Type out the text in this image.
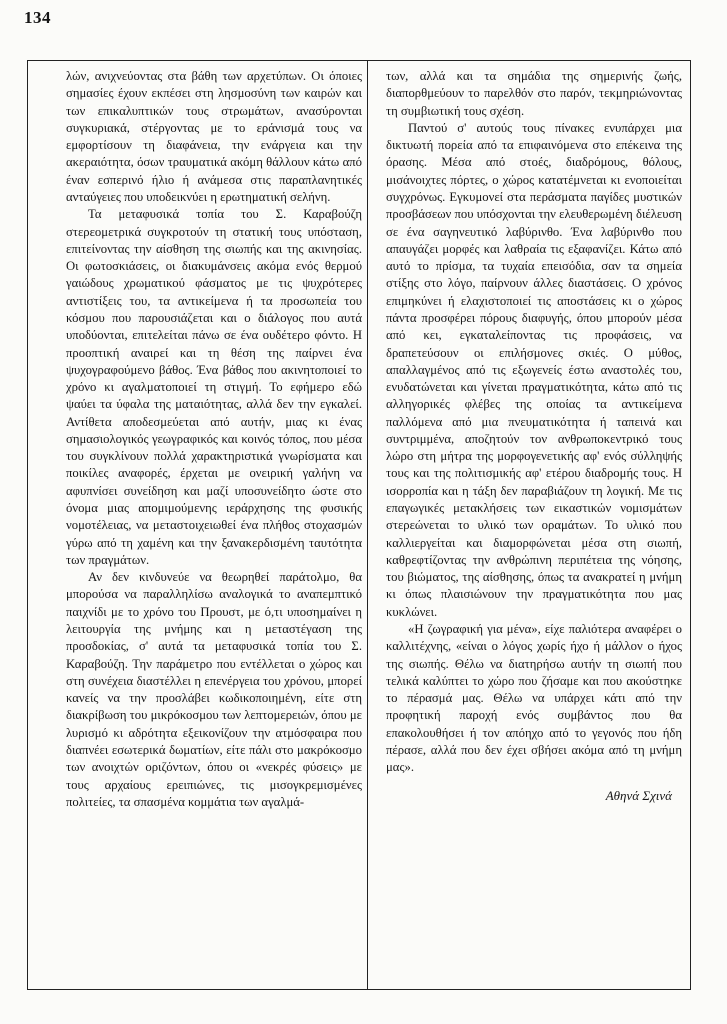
134

λών, ανιχνεύοντας στα βάθη των αρχετύπων. Οι όποιες σημασίες έχουν εκπέσει στη λησμοσύνη των καιρών και των επικαλυπτικών τους στρωμάτων, ανασύρονται συγκυριακά, στέργοντας με το εράνισμά τους να εμφορτίσουν τη διαφάνεια, την ενάργεια και την ακεραιότητα, όσων τραυματικά ακόμη θάλλουν κάτω από έναν εσπερινό ήλιο ή ανάμεσα στις παραπλανητικές ανταύγειες που υποδεικνύει η ερωτηματική σελήνη.

Τα μεταφυσικά τοπία του Σ. Καραβούζη στερεομετρικά συγκροτούν τη στατική τους υπόσταση, επιτείνοντας την αίσθηση της σιωπής και της ακινησίας. Οι φωτοσκιάσεις, οι διακυμάνσεις ακόμα ενός θερμού γαιώδους χρωματικού φάσματος με τις ψυχρότερες αντιστίξεις του, τα αντικείμενα ή τα προσωπεία του κόσμου που παρουσιάζεται και ο διάλογος που αυτά υποδύονται, επιτελείται πάνω σε ένα ουδέτερο φόντο. Η προοπτική αναιρεί και τη θέση της παίρνει ένα ψυχογραφούμενο βάθος. Ένα βάθος που ακινητοποιεί το χρόνο κι αγαλματοποιεί τη στιγμή. Το εφήμερο εδώ ψαύει τα ύφαλα της ματαιότητας, αλλά δεν την εγκαλεί. Αντίθετα αποδεσμεύεται από αυτήν, μιας κι ένας σημασιολογικός γεωγραφικός και κοινός τόπος, που μέσα του συγκλίνουν πολλά χαρακτηριστικά γνωρίσματα και ποικίλες αναφορές, έρχεται με ονειρική γαλήνη να αφυπνίσει συνείδηση και μαζί υποσυνείδητο ώστε στο όνομα μιας απομιμούμενης ιεράρχησης της φυσικής νομοτέλειας, να μεταστοιχειωθεί ένα πλήθος στοχασμών γύρω από τη χαμένη και την ξανακερδισμένη ταυτότητα των πραγμάτων.

Αν δεν κινδυνεύε να θεωρηθεί παράτολμο, θα μπορούσα να παραλληλίσω αναλογικά το αναπεμπτικό παιχνίδι με το χρόνο του Προυστ, με ό,τι υποσημαίνει η λειτουργία της μνήμης και η μεταστέγαση της προσδοκίας, σ' αυτά τα μεταφυσικά τοπία του Σ. Καραβούζη. Την παράμετρο που εντέλλεται ο χώρος και στη συνέχεια διαστέλλει η επενέργεια του χρόνου, μπορεί κανείς να την προσλάβει κωδικοποιημένη, είτε στη διακρίβωση του μικρόκοσμου των λεπτομερειών, όπου με λυρισμό κι αδρότητα εξεικονίζουν την ατμόσφαιρα που διαπνέει εσωτερικά δωματίων, είτε πάλι στο μακρόκοσμο των ανοιχτών οριζόντων, όπου οι «νεκρές φύσεις» με τους αρχαίους ερειπιώνες, τις μισογκρεμισμένες πολιτείες, τα σπασμένα κομμάτια των αγαλμά-

των, αλλά και τα σημάδια της σημερινής ζωής, διαπορθμεύουν το παρελθόν στο παρόν, τεκμηριώνοντας τη συμβιωτική τους σχέση.

Παντού σ' αυτούς τους πίνακες ενυπάρχει μια δικτυωτή πορεία από τα επιφαινόμενα στο επέκεινα της όρασης. Μέσα από στοές, διαδρόμους, θόλους, μισάνοιχτες πόρτες, ο χώρος κατατέμνεται κι ενοποιείται συγχρόνως. Εγκυμονεί στα περάσματα παγίδες μυστικών προσβάσεων που υπόσχονται την ελευθερωμένη διέλευση σε ένα σαγηνευτικό λαβύρινθο. Ένα λαβύρινθο που απαυγάζει μορφές και λαθραία τις εξαφανίζει. Κάτω από αυτό το πρίσμα, τα τυχαία επεισόδια, σαν τα σημεία στίξης στο λόγο, παίρνουν άλλες διαστάσεις. Ο χρόνος επιμηκύνει ή ελαχιστοποιεί τις αποστάσεις κι ο χώρος πάντα προσφέρει πόρους διαφυγής, όπου μπορούν μέσα από κει, εγκαταλείποντας τις προφάσεις, να δραπετεύσουν οι επιλήσμονες σκιές. Ο μύθος, απαλλαγμένος από τις εξωγενείς έστω αναστολές του, ενυδατώνεται και γίνεται πραγματικότητα, κάτω από τις αλληγορικές φλέβες της οποίας τα αντικείμενα παλλόμενα από μια πνευματικότητα ή ταπεινά και συντριμμένα, αποζητούν τον ανθρωποκεντρικό τους λώρο στη μήτρα της μορφογενετικής αφ' ενός σύλληψής τους και της πολιτισμικής αφ' ετέρου διαδρομής τους. Η ισορροπία και η τάξη δεν παραβιάζουν τη λογική. Με τις επαγωγικές μετακλήσεις των εικαστικών νομισμάτων στερεώνεται το υλικό των οραμάτων. Το υλικό που καλλιεργείται και διαμορφώνεται μέσα στη σιωπή, καθρεφτίζοντας την ανθρώπινη περιπέτεια της νόησης, του βιώματος, της αίσθησης, όπως τα ανακρατεί η μνήμη κι όπως πλαισιώνουν την πραγματικότητα που μας κυκλώνει.

«Η ζωγραφική για μένα», είχε παλιότερα αναφέρει ο καλλιτέχνης, «είναι ο λόγος χωρίς ήχο ή μάλλον ο ήχος της σιωπής. Θέλω να διατηρήσω αυτήν τη σιωπή που τελικά καλύπτει το χώρο που ζήσαμε και που ακούστηκε το πέρασμά μας. Θέλω να υπάρχει κάτι από την προφητική παροχή ενός συμβάντος που θα επακολουθήσει ή τον απόηχο από το γεγονός που ήδη πέρασε, αλλά που δεν έχει σβήσει ακόμα από τη μνήμη μας».

Αθηνά Σχινά
